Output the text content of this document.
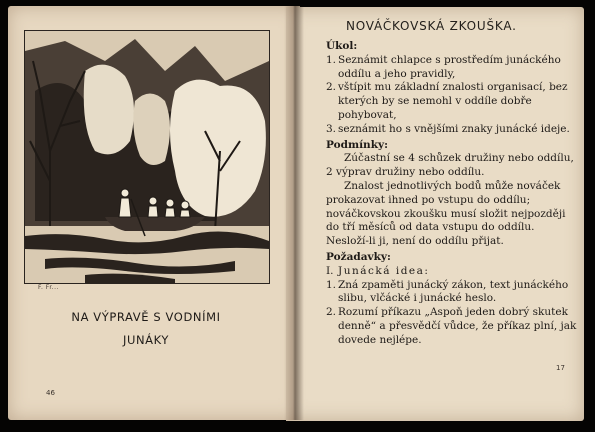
F. Fr...
NA VÝPRAVĚ S VODNÍMI
JUNÁKY
46
NOVÁČKOVSKÁ ZKOUŠKA.
Úkol:
1. Seznámit chlapce s prostředím junáckého oddílu a jeho pravidly,
2. vštípit mu základní znalosti organisací, bez kterých by se nemohl v oddíle dobře pohybovat,
3. seznámit ho s vnějšími znaky junácké ideje.
Podmínky:

Zúčastní se 4 schůzek družiny nebo oddílu, 2 výprav družiny nebo oddílu.

Znalost jednotlivých bodů může nováček prokazovat ihned po vstupu do oddílu; nováčkovskou zkoušku musí složit nejpozději do tří měsíců od data vstupu do oddílu. Nesloží-li ji, není do oddílu přijat.

Požadavky:
I. Junácká idea:
1. Zná zpaměti junácký zákon, text junáckého slibu, vlčácké i junácké heslo.
2. Rozumí příkazu „Aspoň jeden dobrý skutek denně“ a přesvědčí vůdce, že příkaz plní, jak dovede nejlépe.
17
